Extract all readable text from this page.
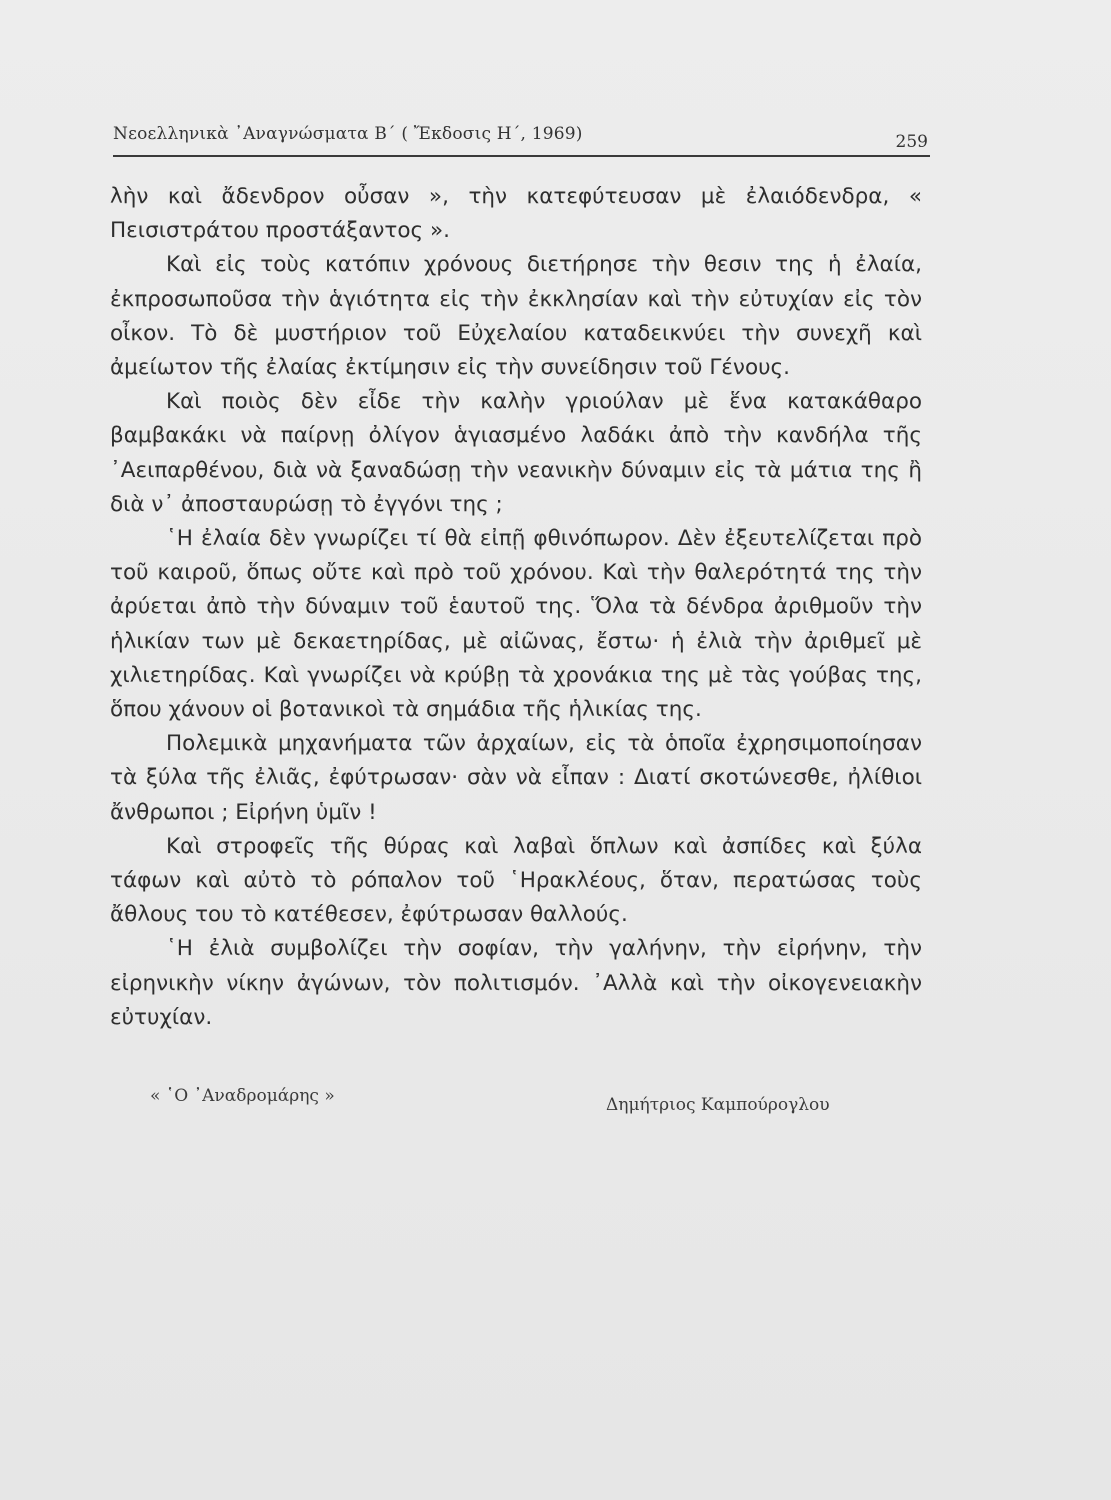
Νεοελληνικὰ ᾿Αναγνώσματα Β΄ ( Ἔκδοσις Η΄, 1969)	259

λὴν καὶ ἄδενδρον οὖσαν », τὴν κατεφύτευσαν μὲ ἐλαιόδενδρα, « Πεισιστράτου προστάξαντος ».

Καὶ εἰς τοὺς κατόπιν χρόνους διετήρησε τὴν θεσιν της ἡ ἐλαία, ἐκπροσωποῦσα τὴν ἁγιότητα εἰς τὴν ἐκκλησίαν καὶ τὴν εὐτυχίαν εἰς τὸν οἶκον. Τὸ δὲ μυστήριον τοῦ Εὐχελαίου καταδεικνύει τὴν συνεχῆ καὶ ἀμείωτον τῆς ἐλαίας ἐκτίμησιν εἰς τὴν συνείδησιν τοῦ Γένους.

Καὶ ποιὸς δὲν εἶδε τὴν καλὴν γριούλαν μὲ ἕνα κατακάθαρο βαμβακάκι νὰ παίρνῃ ὀλίγον ἁγιασμένο λαδάκι ἀπὸ τὴν κανδήλα τῆς ᾿Αειπαρθένου, διὰ νὰ ξαναδώσῃ τὴν νεανικὴν δύναμιν εἰς τὰ μάτια της ἢ διὰ ν᾿ ἀποσταυρώσῃ τὸ ἐγγόνι της ;

῾Η ἐλαία δὲν γνωρίζει τί θὰ εἰπῇ φθινόπωρον. Δὲν ἐξευτελίζεται πρὸ τοῦ καιροῦ, ὅπως οὔτε καὶ πρὸ τοῦ χρόνου. Καὶ τὴν θαλερότητά της τὴν ἀρύεται ἀπὸ τὴν δύναμιν τοῦ ἑαυτοῦ της. Ὅλα τὰ δένδρα ἀριθμοῦν τὴν ἡλικίαν των μὲ δεκαετηρίδας, μὲ αἰῶνας, ἔστω· ἡ ἐλιὰ τὴν ἀριθμεῖ μὲ χιλιετηρίδας. Καὶ γνωρίζει νὰ κρύβῃ τὰ χρονάκια της μὲ τὰς γούβας της, ὅπου χάνουν οἱ βοτανικοὶ τὰ σημάδια τῆς ἡλικίας της.

Πολεμικὰ μηχανήματα τῶν ἀρχαίων, εἰς τὰ ὁποῖα ἐχρησιμοποίησαν τὰ ξύλα τῆς ἐλιᾶς, ἐφύτρωσαν· σὰν νὰ εἶπαν : Διατί σκοτώνεσθε, ἠλίθιοι ἄνθρωποι ; Εἰρήνη ὑμῖν !

Καὶ στροφεῖς τῆς θύρας καὶ λαβαὶ ὅπλων καὶ ἀσπίδες καὶ ξύλα τάφων καὶ αὐτὸ τὸ ρόπαλον τοῦ ῾Ηρακλέους, ὅταν, περατώσας τοὺς ἄθλους του τὸ κατέθεσεν, ἐφύτρωσαν θαλλούς.

῾Η ἐλιὰ συμβολίζει τὴν σοφίαν, τὴν γαλήνην, τὴν εἰρήνην, τὴν εἰρηνικὴν νίκην ἀγώνων, τὸν πολιτισμόν. ᾿Αλλὰ καὶ τὴν οἰκογενειακὴν εὐτυχίαν.

« ῾Ο ᾿Αναδρομάρης »	Δημήτριος Καμπούρογλου
